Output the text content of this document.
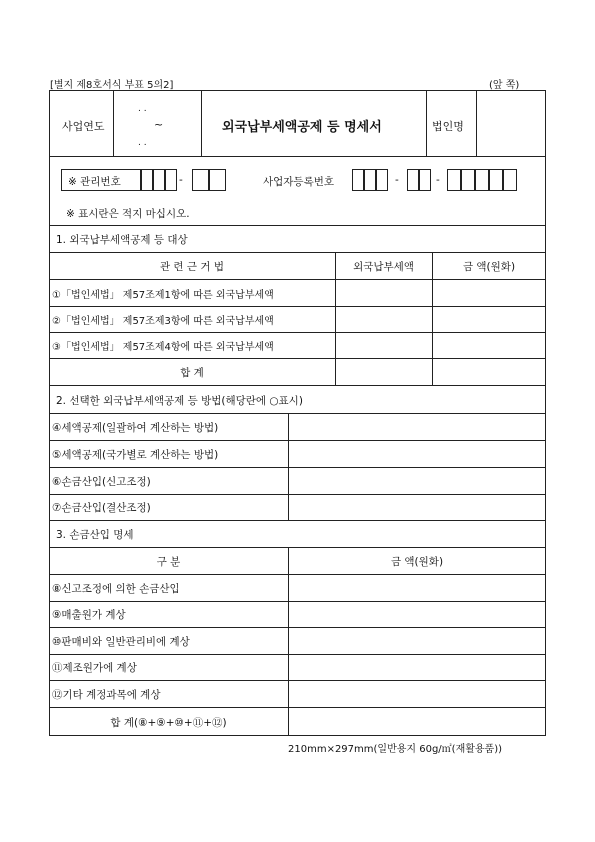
[별지 제8호서식 부표 5의2]	(앞 쪽)
사업연도
. .
~
. .
외국납부세액공제 등 명세서	법인명
※ 관리번호	-	사업자등록번호	-	-
※ 표시란은 적지 마십시오.
1. 외국납부세액공제 등 대상
관 련 근 거 법	외국납부세액	금 액(원화)
①「법인세법」 제57조제1항에 따른 외국납부세액
②「법인세법」 제57조제3항에 따른 외국납부세액
③「법인세법」 제57조제4항에 따른 외국납부세액
합 계
2. 선택한 외국납부세액공제 등 방법(해당란에 ○표시)
④세액공제(일괄하여 계산하는 방법)
⑤세액공제(국가별로 계산하는 방법)
⑥손금산입(신고조정)
⑦손금산입(결산조정)
3. 손금산입 명세
구 분	금 액(원화)
⑧신고조정에 의한 손금산입
⑨매출원가 계상
⑩판매비와 일반관리비에 계상
⑪제조원가에 계상
⑫기타 계정과목에 계상
합 계(⑧+⑨+⑩+⑪+⑫)
210mm×297mm(일반용지 60g/㎡(재활용품))
